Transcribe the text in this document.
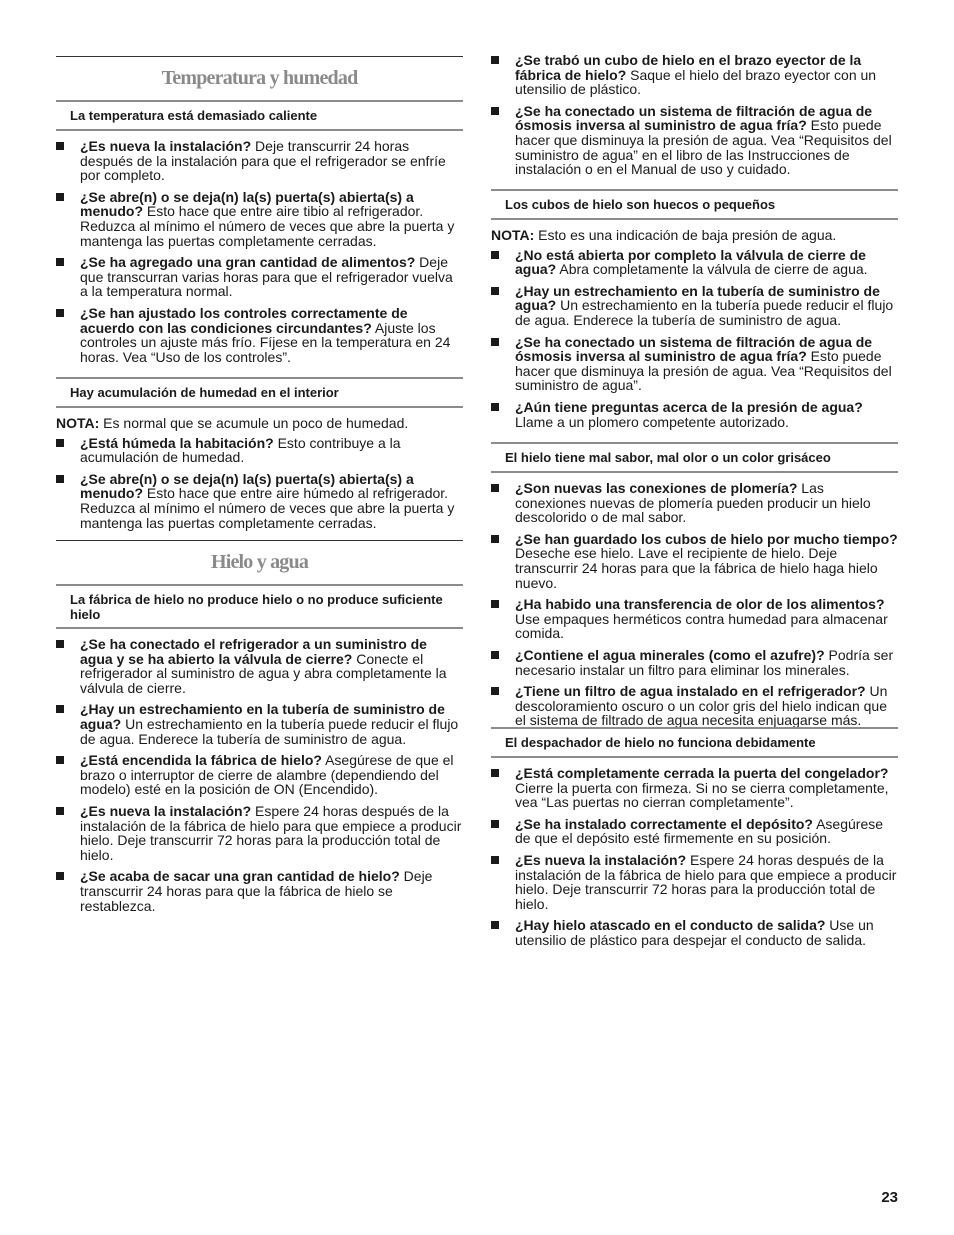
Temperatura y humedad
La temperatura está demasiado caliente
¿Es nueva la instalación? Deje transcurrir 24 horas después de la instalación para que el refrigerador se enfríe por completo.
¿Se abre(n) o se deja(n) la(s) puerta(s) abierta(s) a menudo? Esto hace que entre aire tibio al refrigerador. Reduzca al mínimo el número de veces que abre la puerta y mantenga las puertas completamente cerradas.
¿Se ha agregado una gran cantidad de alimentos? Deje que transcurran varias horas para que el refrigerador vuelva a la temperatura normal.
¿Se han ajustado los controles correctamente de acuerdo con las condiciones circundantes? Ajuste los controles un ajuste más frío. Fíjese en la temperatura en 24 horas. Vea “Uso de los controles”.
Hay acumulación de humedad en el interior
NOTA: Es normal que se acumule un poco de humedad.
¿Está húmeda la habitación? Esto contribuye a la acumulación de humedad.
¿Se abre(n) o se deja(n) la(s) puerta(s) abierta(s) a menudo? Esto hace que entre aire húmedo al refrigerador. Reduzca al mínimo el número de veces que abre la puerta y mantenga las puertas completamente cerradas.
Hielo y agua
La fábrica de hielo no produce hielo o no produce suficiente hielo
¿Se ha conectado el refrigerador a un suministro de agua y se ha abierto la válvula de cierre? Conecte el refrigerador al suministro de agua y abra completamente la válvula de cierre.
¿Hay un estrechamiento en la tubería de suministro de agua? Un estrechamiento en la tubería puede reducir el flujo de agua. Enderece la tubería de suministro de agua.
¿Está encendida la fábrica de hielo? Asegúrese de que el brazo o interruptor de cierre de alambre (dependiendo del modelo) esté en la posición de ON (Encendido).
¿Es nueva la instalación? Espere 24 horas después de la instalación de la fábrica de hielo para que empiece a producir hielo. Deje transcurrir 72 horas para la producción total de hielo.
¿Se acaba de sacar una gran cantidad de hielo? Deje transcurrir 24 horas para que la fábrica de hielo se restablezca.
¿Se trabó un cubo de hielo en el brazo eyector de la fábrica de hielo? Saque el hielo del brazo eyector con un utensilio de plástico.
¿Se ha conectado un sistema de filtración de agua de ósmosis inversa al suministro de agua fría? Esto puede hacer que disminuya la presión de agua. Vea “Requisitos del suministro de agua” en el libro de las Instrucciones de instalación o en el Manual de uso y cuidado.
Los cubos de hielo son huecos o pequeños
NOTA: Esto es una indicación de baja presión de agua.
¿No está abierta por completo la válvula de cierre de agua? Abra completamente la válvula de cierre de agua.
¿Hay un estrechamiento en la tubería de suministro de agua? Un estrechamiento en la tubería puede reducir el flujo de agua. Enderece la tubería de suministro de agua.
¿Se ha conectado un sistema de filtración de agua de ósmosis inversa al suministro de agua fría? Esto puede hacer que disminuya la presión de agua. Vea “Requisitos del suministro de agua”.
¿Aún tiene preguntas acerca de la presión de agua? Llame a un plomero competente autorizado.
El hielo tiene mal sabor, mal olor o un color grisáceo
¿Son nuevas las conexiones de plomería? Las conexiones nuevas de plomería pueden producir un hielo descolorido o de mal sabor.
¿Se han guardado los cubos de hielo por mucho tiempo? Deseche ese hielo. Lave el recipiente de hielo. Deje transcurrir 24 horas para que la fábrica de hielo haga hielo nuevo.
¿Ha habido una transferencia de olor de los alimentos? Use empaques herméticos contra humedad para almacenar comida.
¿Contiene el agua minerales (como el azufre)? Podría ser necesario instalar un filtro para eliminar los minerales.
¿Tiene un filtro de agua instalado en el refrigerador? Un descoloramiento oscuro o un color gris del hielo indican que el sistema de filtrado de agua necesita enjuagarse más.
El despachador de hielo no funciona debidamente
¿Está completamente cerrada la puerta del congelador? Cierre la puerta con firmeza. Si no se cierra completamente, vea “Las puertas no cierran completamente”.
¿Se ha instalado correctamente el depósito? Asegúrese de que el depósito esté firmemente en su posición.
¿Es nueva la instalación? Espere 24 horas después de la instalación de la fábrica de hielo para que empiece a producir hielo. Deje transcurrir 72 horas para la producción total de hielo.
¿Hay hielo atascado en el conducto de salida? Use un utensilio de plástico para despejar el conducto de salida.
23
